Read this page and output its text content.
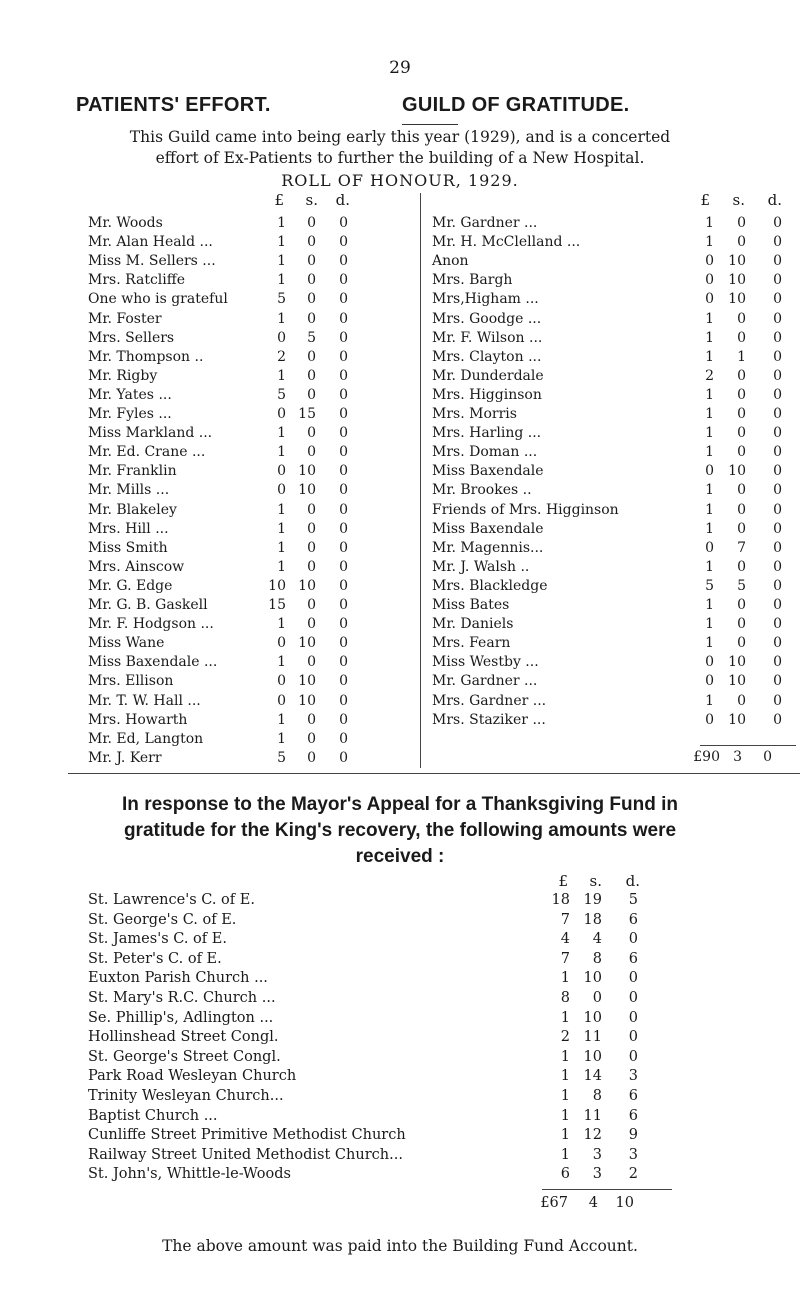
29
PATIENTS' EFFORT.	GUILD OF GRATITUDE.
This Guild came into being early this year (1929), and is a concerted
effort of Ex-Patients to further the building of a New Hospital.
ROLL OF HONOUR, 1929.
£	s.	d.	£	s.	d.
Mr. Woods	1	0	0
Mr. Alan Heald ...	1	0	0
Miss M. Sellers ...	1	0	0
Mrs. Ratcliffe	1	0	0
One who is grateful	5	0	0
Mr. Foster	1	0	0
Mrs. Sellers	0	5	0
Mr. Thompson ..	2	0	0
Mr. Rigby	1	0	0
Mr. Yates ...	5	0	0
Mr. Fyles ...	0 15	0
Miss Markland ...	1	0	0
Mr. Ed. Crane ...	1	0	0
Mr. Franklin	0 10	0
Mr. Mills ...	0 10	0
Mr. Blakeley	1	0	0
Mrs. Hill ...	1	0	0
Miss Smith	1	0	0
Mrs. Ainscow	1	0	0
Mr. G. Edge	10 10	0
Mr. G. B. Gaskell	15	0	0
Mr. F. Hodgson ...	1	0	0
Miss Wane	0 10	0
Miss Baxendale ...	1	0	0
Mrs. Ellison	0 10	0
Mr. T. W. Hall ...	0 10	0
Mrs. Howarth	1	0	0
Mr. Ed, Langton	1	0	0
Mr. J. Kerr	5	0	0
Mr. Gardner ...	1	0	0
Mr. H. McClelland ...	1	0	0
Anon	0 10	0
Mrs. Bargh	0 10	0
Mrs,Higham ...	0 10	0
Mrs. Goodge ...	1	0	0
Mr. F. Wilson ...	1	0	0
Mrs. Clayton ...	1	1	0
Mr. Dunderdale	2	0	0
Mrs. Higginson	1	0	0
Mrs. Morris	1	0	0
Mrs. Harling ...	1	0	0
Mrs. Doman ...	1	0	0
Miss Baxendale	0 10	0
Mr. Brookes ..	1	0	0
Friends of Mrs. Higginson	1	0	0
Miss Baxendale	1	0	0
Mr. Magennis...	0	7	0
Mr. J. Walsh ..	1	0	0
Mrs. Blackledge	5	5	0
Miss Bates	1	0	0
Mr. Daniels	1	0	0
Mrs. Fearn	1	0	0
Miss Westby ...	0 10	0
Mr. Gardner ...	0 10	0
Mrs. Gardner ...	1	0	0
Mrs. Staziker ...	0 10	0
£90 3	0
In response to the Mayor's Appeal for a Thanksgiving Fund in
gratitude for the King's recovery, the following amounts were
received :
£	s.	d.
St. Lawrence's C. of E.	18 19	5
St. George's C. of E.	7 18	6
St. James's C. of E.	4	4	0
St. Peter's C. of E.	7	8	6
Euxton Parish Church ...	1 10	0
St. Mary's R.C. Church ...	8	0	0
Se. Phillip's, Adlington ...	1 10	0
Hollinshead Street Congl.	2 11	0
St. George's Street Congl.	1 10	0
Park Road Wesleyan Church	1 14	3
Trinity Wesleyan Church...	1	8	6
Baptist Church ...	1 11	6
Cunliffe Street Primitive Methodist Church	1 12	9
Railway Street United Methodist Church...	1	3	3
St. John's, Whittle-le-Woods	6	3	2
£67	4 10
The above amount was paid into the Building Fund Account.
